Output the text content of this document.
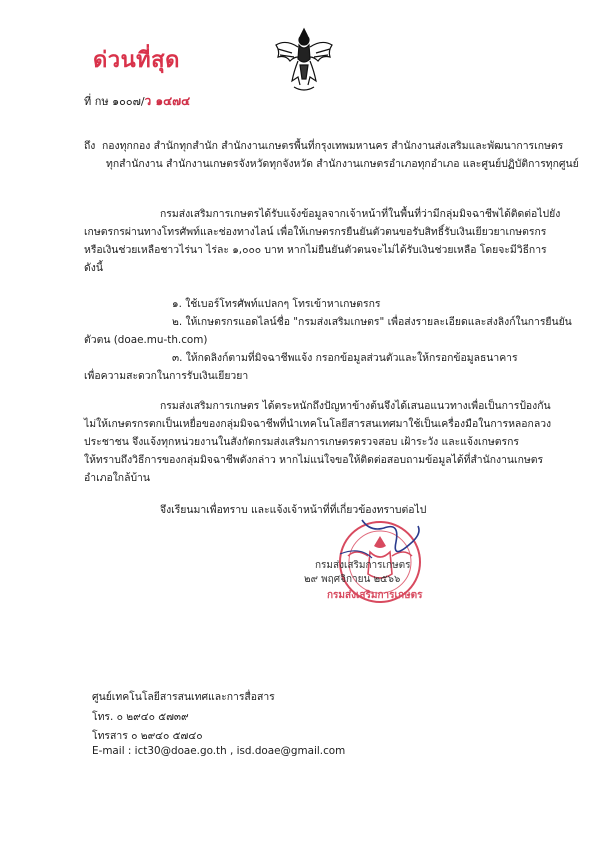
ด่วนที่สุด
ที่ กษ ๑๐๐๗/ว ๑๔๗๔
ถึง กองทุกกอง สำนักทุกสำนัก สำนักงานเกษตรพื้นที่กรุงเทพมหานคร สำนักงานส่งเสริมและพัฒนาการเกษตร
ทุกสำนักงาน สำนักงานเกษตรจังหวัดทุกจังหวัด สำนักงานเกษตรอำเภอทุกอำเภอ และศูนย์ปฏิบัติการทุกศูนย์
กรมส่งเสริมการเกษตรได้รับแจ้งข้อมูลจากเจ้าหน้าที่ในพื้นที่ว่ามีกลุ่มมิจฉาชีพได้ติดต่อไปยัง
เกษตรกรผ่านทางโทรศัพท์และช่องทางไลน์ เพื่อให้เกษตรกรยืนยันตัวตนขอรับสิทธิ์รับเงินเยียวยาเกษตรกร
หรือเงินช่วยเหลือชาวไร่นา ไร่ละ ๑,๐๐๐ บาท หากไม่ยืนยันตัวตนจะไม่ได้รับเงินช่วยเหลือ โดยจะมีวิธีการ
ดังนี้
๑. ใช้เบอร์โทรศัพท์แปลกๆ โทรเข้าหาเกษตรกร
๒. ให้เกษตรกรแอดไลน์ชื่อ "กรมส่งเสริมเกษตร" เพื่อส่งรายละเอียดและส่งลิงก์ในการยืนยัน
ตัวตน (doae.mu-th.com)
๓. ให้กดลิงก์ตามที่มิจฉาชีพแจ้ง กรอกข้อมูลส่วนตัวและให้กรอกข้อมูลธนาคาร
เพื่อความสะดวกในการรับเงินเยียวยา
กรมส่งเสริมการเกษตร ได้ตระหนักถึงปัญหาข้างต้นจึงได้เสนอแนวทางเพื่อเป็นการป้องกัน
ไม่ให้เกษตรกรตกเป็นเหยื่อของกลุ่มมิจฉาชีพที่นำเทคโนโลยีสารสนเทศมาใช้เป็นเครื่องมือในการหลอกลวง
ประชาชน จึงแจ้งทุกหน่วยงานในสังกัดกรมส่งเสริมการเกษตรตรวจสอบ เฝ้าระวัง และแจ้งเกษตรกร
ให้ทราบถึงวิธีการของกลุ่มมิจฉาชีพดังกล่าว หากไม่แน่ใจขอให้ติดต่อสอบถามข้อมูลได้ที่สำนักงานเกษตร
อำเภอใกล้บ้าน
จึงเรียนมาเพื่อทราบ และแจ้งเจ้าหน้าที่ที่เกี่ยวข้องทราบต่อไป
กรมส่งเสริมการเกษตร
๒๙ พฤศจิกายน ๒๕๖๖
กรมส่งเสริมการเกษตร
ศูนย์เทคโนโลยีสารสนเทศและการสื่อสาร
โทร. ๐ ๒๙๔๐ ๕๗๓๙
โทรสาร ๐ ๒๙๔๐ ๕๗๔๐
E-mail : ict30@doae.go.th , isd.doae@gmail.com
